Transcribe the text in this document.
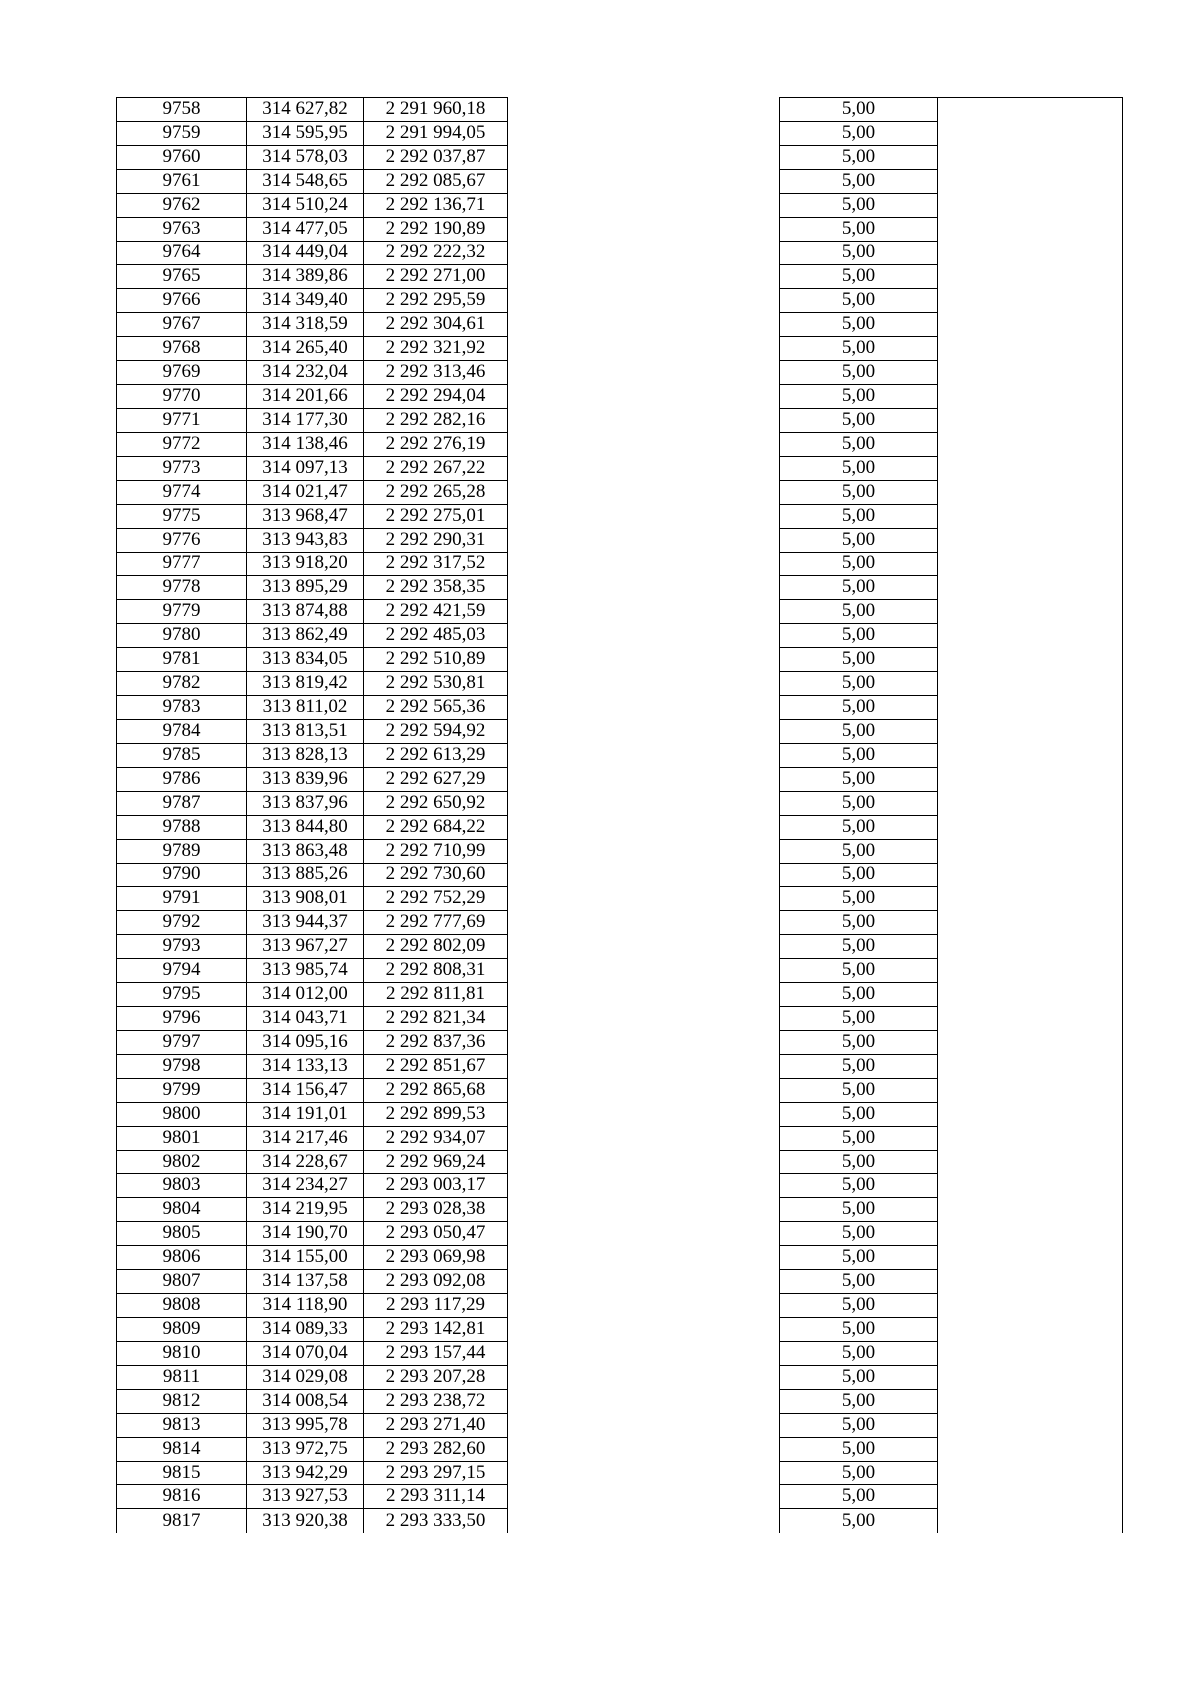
9758	314 627,82	2 291 960,18		5,00	
9759	314 595,95	2 291 994,05		5,00	
9760	314 578,03	2 292 037,87		5,00	
9761	314 548,65	2 292 085,67		5,00	
9762	314 510,24	2 292 136,71		5,00	
9763	314 477,05	2 292 190,89		5,00	
9764	314 449,04	2 292 222,32		5,00	
9765	314 389,86	2 292 271,00		5,00	
9766	314 349,40	2 292 295,59		5,00	
9767	314 318,59	2 292 304,61		5,00	
9768	314 265,40	2 292 321,92		5,00	
9769	314 232,04	2 292 313,46		5,00	
9770	314 201,66	2 292 294,04		5,00	
9771	314 177,30	2 292 282,16		5,00	
9772	314 138,46	2 292 276,19		5,00	
9773	314 097,13	2 292 267,22		5,00	
9774	314 021,47	2 292 265,28		5,00	
9775	313 968,47	2 292 275,01		5,00	
9776	313 943,83	2 292 290,31		5,00	
9777	313 918,20	2 292 317,52		5,00	
9778	313 895,29	2 292 358,35		5,00	
9779	313 874,88	2 292 421,59		5,00	
9780	313 862,49	2 292 485,03		5,00	
9781	313 834,05	2 292 510,89		5,00	
9782	313 819,42	2 292 530,81		5,00	
9783	313 811,02	2 292 565,36		5,00	
9784	313 813,51	2 292 594,92		5,00	
9785	313 828,13	2 292 613,29		5,00	
9786	313 839,96	2 292 627,29		5,00	
9787	313 837,96	2 292 650,92		5,00	
9788	313 844,80	2 292 684,22		5,00	
9789	313 863,48	2 292 710,99		5,00	
9790	313 885,26	2 292 730,60		5,00	
9791	313 908,01	2 292 752,29		5,00	
9792	313 944,37	2 292 777,69		5,00	
9793	313 967,27	2 292 802,09		5,00	
9794	313 985,74	2 292 808,31		5,00	
9795	314 012,00	2 292 811,81		5,00	
9796	314 043,71	2 292 821,34		5,00	
9797	314 095,16	2 292 837,36		5,00	
9798	314 133,13	2 292 851,67		5,00	
9799	314 156,47	2 292 865,68		5,00	
9800	314 191,01	2 292 899,53		5,00	
9801	314 217,46	2 292 934,07		5,00	
9802	314 228,67	2 292 969,24		5,00	
9803	314 234,27	2 293 003,17		5,00	
9804	314 219,95	2 293 028,38		5,00	
9805	314 190,70	2 293 050,47		5,00	
9806	314 155,00	2 293 069,98		5,00	
9807	314 137,58	2 293 092,08		5,00	
9808	314 118,90	2 293 117,29		5,00	
9809	314 089,33	2 293 142,81		5,00	
9810	314 070,04	2 293 157,44		5,00	
9811	314 029,08	2 293 207,28		5,00	
9812	314 008,54	2 293 238,72		5,00	
9813	313 995,78	2 293 271,40		5,00	
9814	313 972,75	2 293 282,60		5,00	
9815	313 942,29	2 293 297,15		5,00	
9816	313 927,53	2 293 311,14		5,00	
9817	313 920,38	2 293 333,50		5,00	
